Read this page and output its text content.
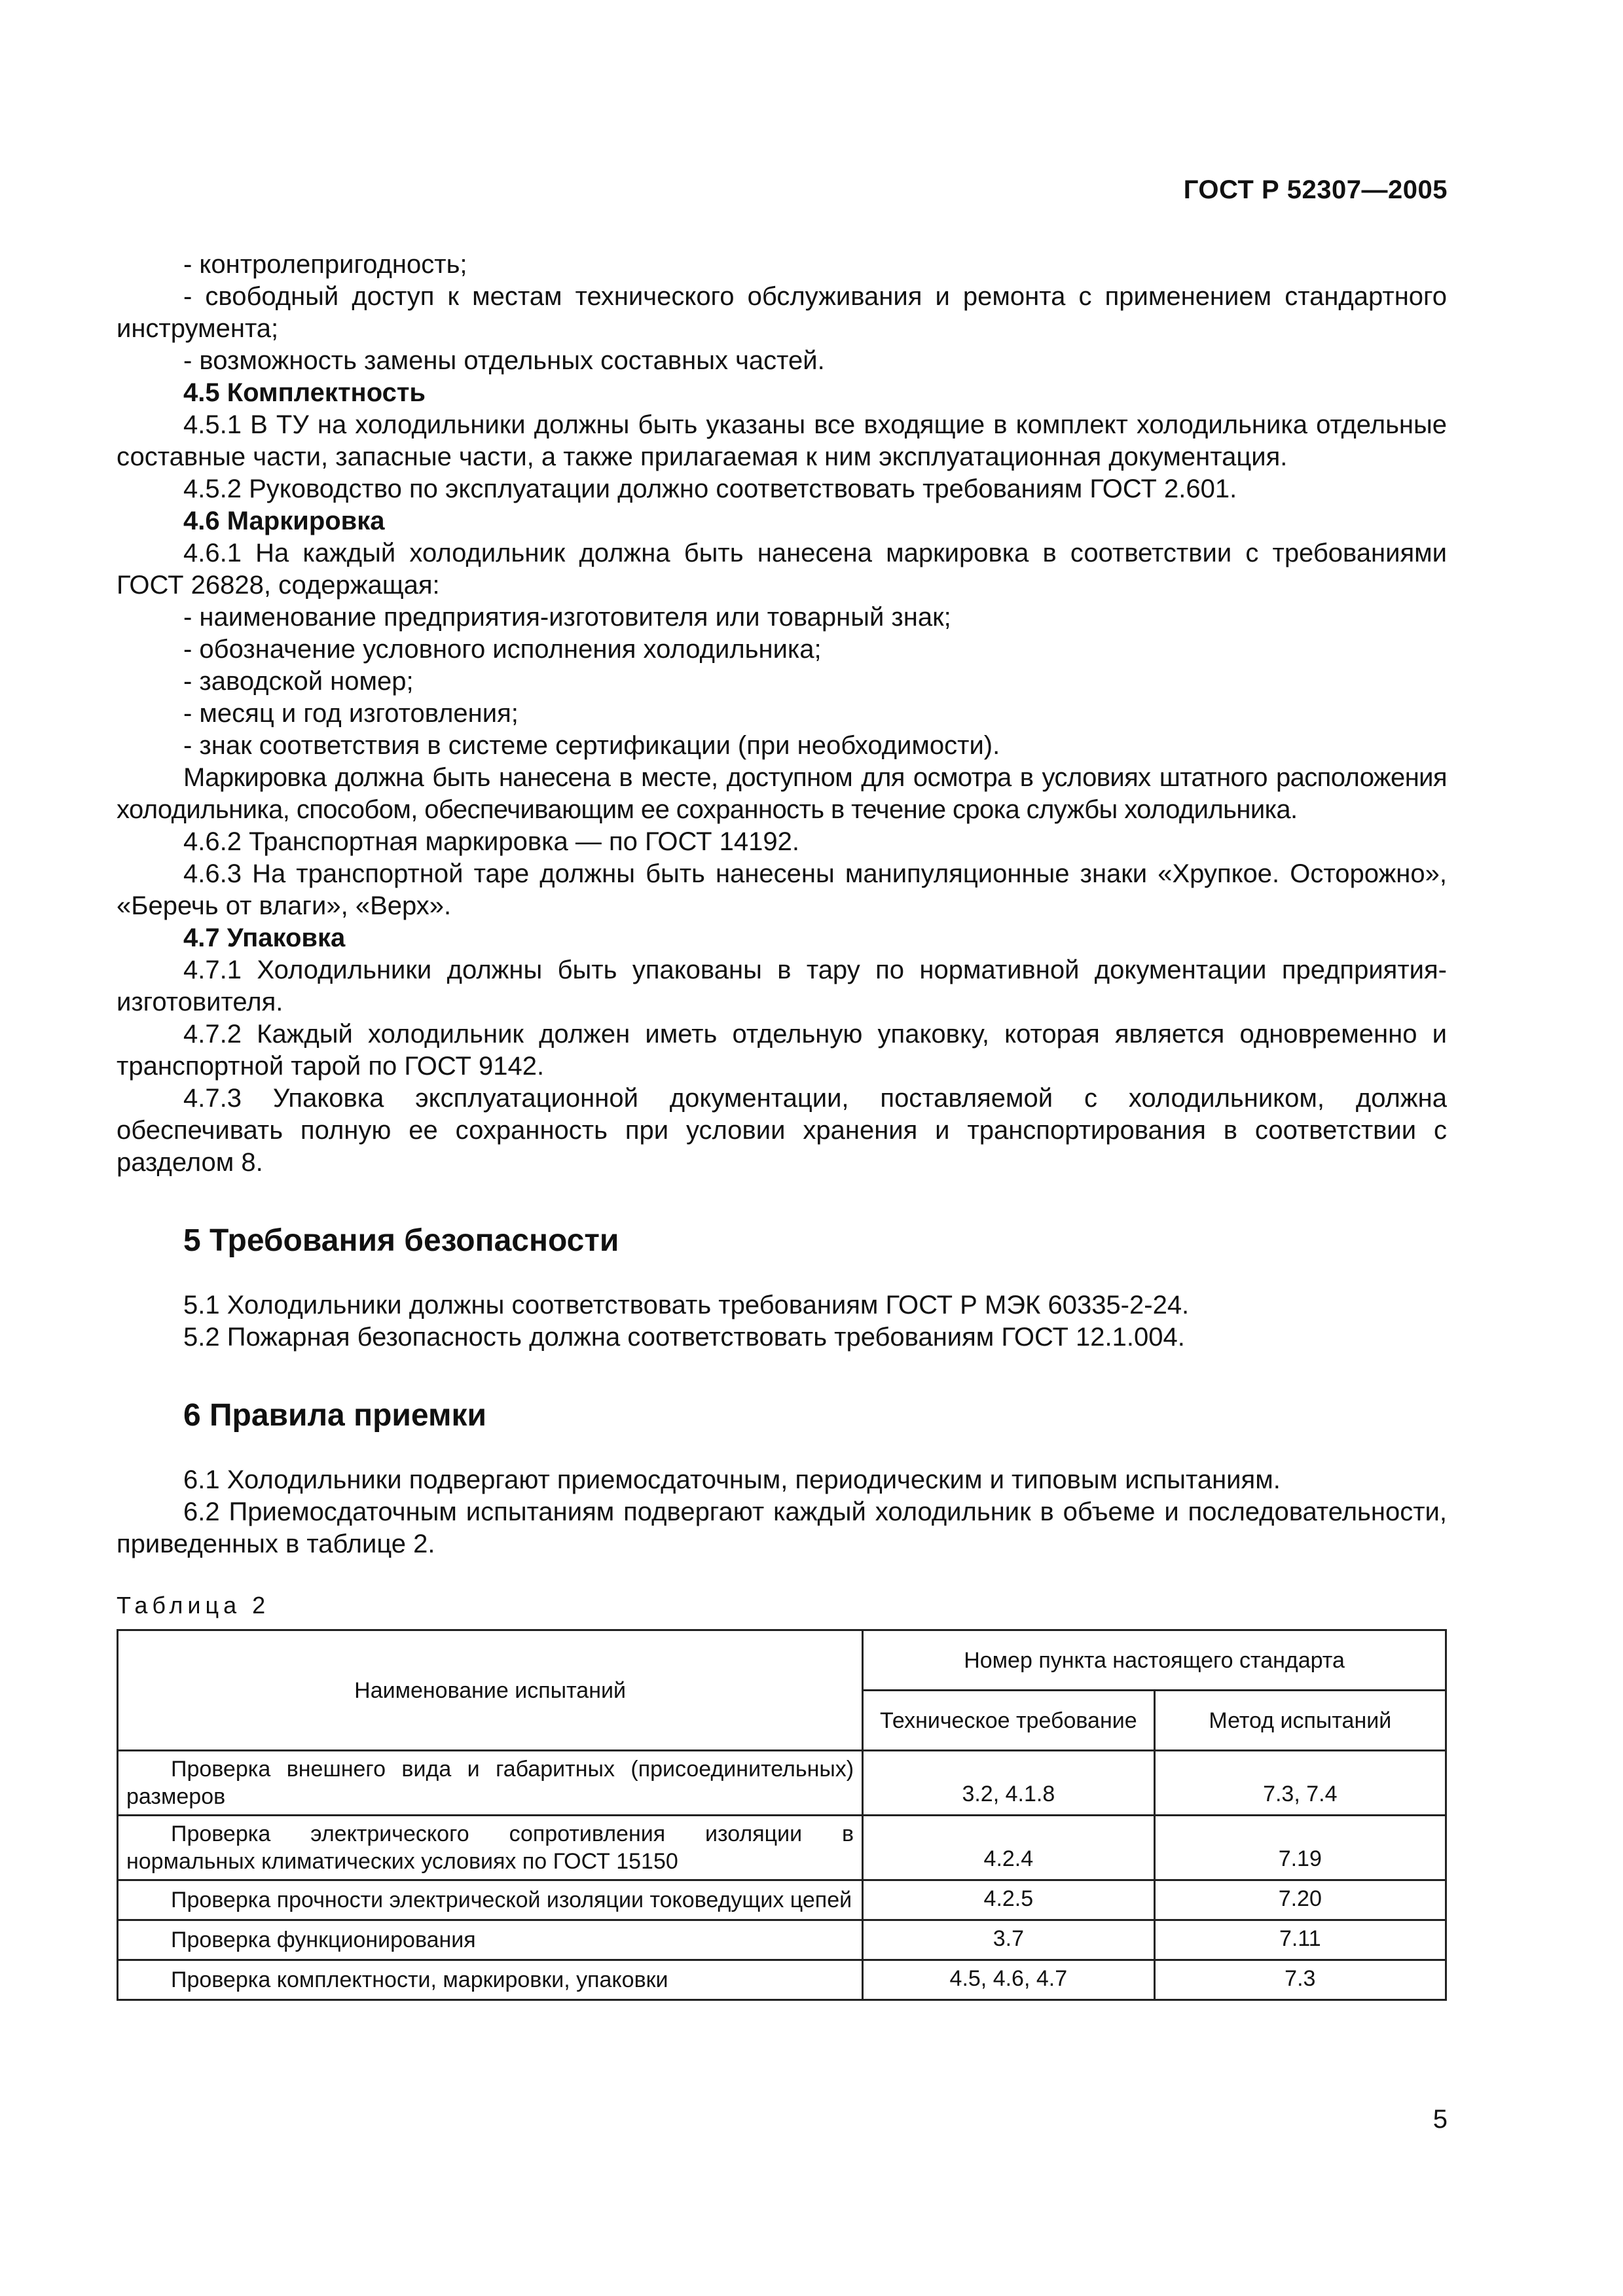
ГОСТ Р 52307—2005

- контролепригодность;

- свободный доступ к местам технического обслуживания и ремонта с применением стандартного инструмента;

- возможность замены отдельных составных частей.

4.5 Комплектность

4.5.1 В ТУ на холодильники должны быть указаны все входящие в комплект холодильника отдельные составные части, запасные части, а также прилагаемая к ним эксплуатационная документация.

4.5.2 Руководство по эксплуатации должно соответствовать требованиям ГОСТ 2.601.

4.6 Маркировка

4.6.1 На каждый холодильник должна быть нанесена маркировка в соответствии с требованиями ГОСТ 26828, содержащая:

- наименование предприятия-изготовителя или товарный знак;

- обозначение условного исполнения холодильника;

- заводской номер;

- месяц и год изготовления;

- знак соответствия в системе сертификации (при необходимости).

Маркировка должна быть нанесена в месте, доступном для осмотра в условиях штатного расположения холодильника, способом, обеспечивающим ее сохранность в течение срока службы холодильника.

4.6.2 Транспортная маркировка — по ГОСТ 14192.

4.6.3 На транспортной таре должны быть нанесены манипуляционные знаки «Хрупкое. Осторожно», «Беречь от влаги», «Верх».

4.7 Упаковка

4.7.1 Холодильники должны быть упакованы в тару по нормативной документации предприятия-изготовителя.

4.7.2 Каждый холодильник должен иметь отдельную упаковку, которая является одновременно и транспортной тарой по ГОСТ 9142.

4.7.3 Упаковка эксплуатационной документации, поставляемой с холодильником, должна обеспечивать полную ее сохранность при условии хранения и транспортирования в соответствии с разделом 8.

5 Требования безопасности

5.1 Холодильники должны соответствовать требованиям ГОСТ Р МЭК 60335-2-24.

5.2 Пожарная безопасность должна соответствовать требованиям ГОСТ 12.1.004.

6 Правила приемки

6.1 Холодильники подвергают приемосдаточным, периодическим и типовым испытаниям.

6.2 Приемосдаточным испытаниям подвергают каждый холодильник в объеме и последовательности, приведенных в таблице 2.

Таблица 2

Наименование испытаний	Номер пункта настоящего стандарта	
	Техническое требование	Метод испытаний

Проверка внешнего вида и габаритных (присоединительных) размеров	3.2, 4.1.8	7.3, 7.4

Проверка электрического сопротивления изоляции в нормальных климатических условиях по ГОСТ 15150	4.2.4	7.19

Проверка прочности электрической изоляции токоведущих цепей	4.2.5	7.20

Проверка функционирования	3.7	7.11

Проверка комплектности, маркировки, упаковки	4.5, 4.6, 4.7	7.3
5
